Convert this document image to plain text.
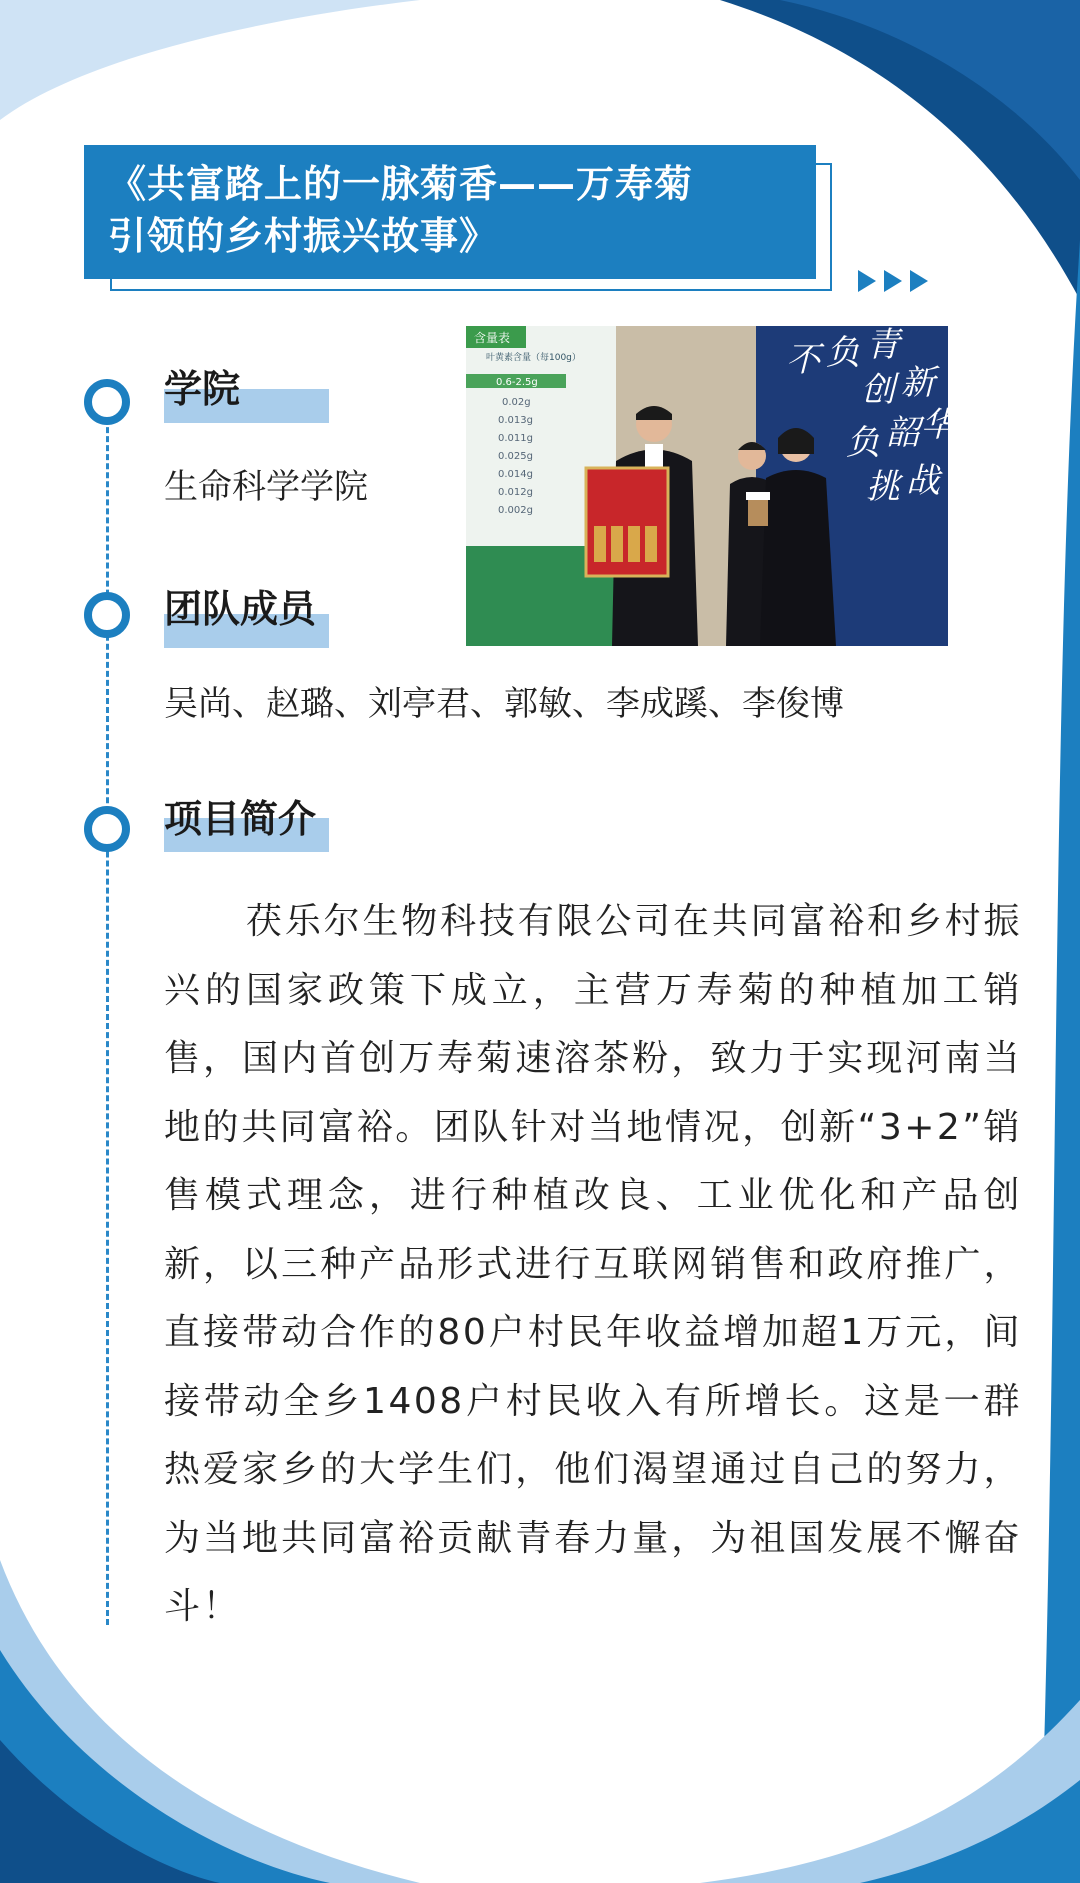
《共富路上的一脉菊香——万寿菊
引领的乡村振兴故事》
学院
生命科学学院
团队成员
吴尚、赵璐、刘亭君、郭敏、李成蹊、李俊博
项目简介
茯乐尔生物科技有限公司在共同富裕和乡村振兴的国家政策下成立，主营万寿菊的种植加工销售，国内首创万寿菊速溶茶粉，致力于实现河南当地的共同富裕。团队针对当地情况，创新“3+2”销售模式理念，进行种植改良、工业优化和产品创新，以三种产品形式进行互联网销售和政府推广，直接带动合作的80户村民年收益增加超1万元，间接带动全乡1408户村民收入有所增长。这是一群热爱家乡的大学生们，他们渴望通过自己的努力，为当地共同富裕贡献青春力量，为祖国发展不懈奋斗！
含量表
叶黄素含量（每100g）
0.6-2.5g
0.02g
0.013g
0.011g
0.025g
0.014g
0.012g
0.002g
不 负 青
创 新
负 韶 华
挑 战
